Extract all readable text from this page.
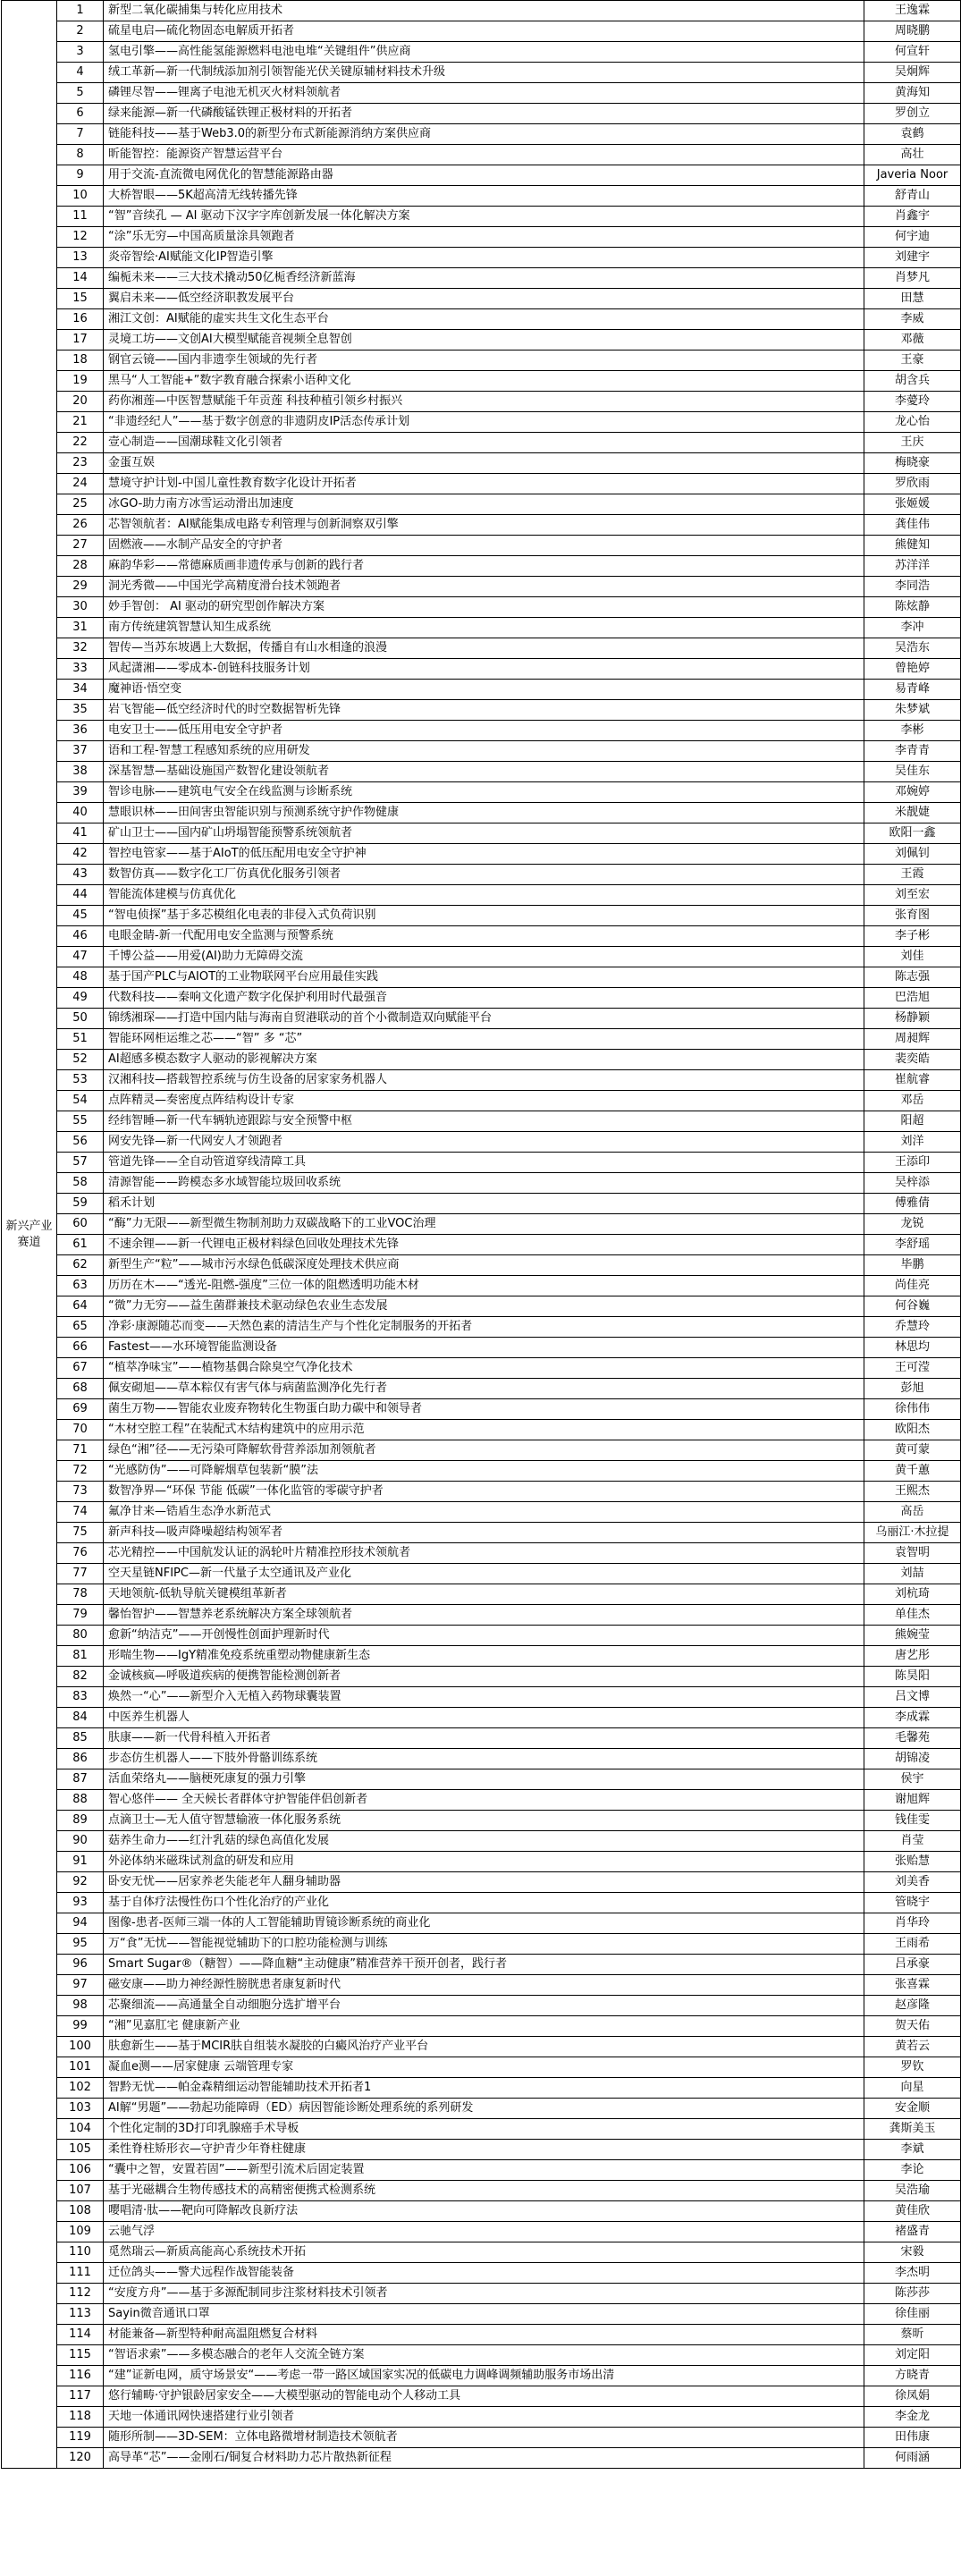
新兴产业赛道	1	新型二氧化碳捕集与转化应用技术	王逸霖
	2	硫星电启—硫化物固态电解质开拓者	周晓鹏
	3	氢电引擎——高性能氢能源燃料电池电堆“关键组件”供应商	何宣轩
	4	绒工革新—新一代制绒添加剂引领智能光伏关键原辅材料技术升级	吴炯辉
	5	磷锂尽智——锂离子电池无机灭火材料领航者	黄海知
	6	绿来能源—新一代磷酸锰铁锂正极材料的开拓者	罗创立
	7	链能科技——基于Web3.0的新型分布式新能源消纳方案供应商	袁鹤
	8	昕能智控：能源资产智慧运营平台	高壮
	9	用于交流-直流微电网优化的智慧能源路由器	Javeria Noor
	10	大桥智眼——5K超高清无线转播先锋	舒青山
	11	“智”音续孔 — AI 驱动下汉字字库创新发展一体化解决方案	肖鑫宇
	12	“涂”乐无穷—中国高质量涂具领跑者	何宇迪
	13	炎帝智绘·AI赋能文化IP智造引擎	刘建宇
	14	编栀未来——三大技术撬动50亿栀香经济新蓝海	肖梦凡
	15	翼启未来——低空经济职教发展平台	田慧
	16	湘江文创：AI赋能的虚实共生文化生态平台	李威
	17	灵境工坊——文创AI大模型赋能音视频全息智创	邓薇
	18	钢官云镜——国内非遗孪生领域的先行者	王豪
	19	黑马“人工智能+”数字教育融合探索小语种文化	胡含兵
	20	药你湘莲—中医智慧赋能千年贡莲 科技种植引领乡村振兴	李薆玲
	21	“非遗经纪人”——基于数字创意的非遗阴皮IP活态传承计划	龙心怡
	22	壹心制造——国潮球鞋文化引领者	王庆
	23	金蛋互娱	梅晓豪
	24	慧境守护计划-中国儿童性教育数字化设计开拓者	罗欣雨
	25	冰GO-助力南方冰雪运动滑出加速度	张姬媛
	26	芯智领航者：AI赋能集成电路专利管理与创新洞察双引擎	龚佳伟
	27	固燃液——水制产品安全的守护者	熊健知
	28	麻韵华彩——常德麻质画非遗传承与创新的践行者	苏洋洋
	29	洞光秀微——中国光学高精度滑台技术领跑者	李同浩
	30	妙手智创： AI 驱动的研究型创作解决方案	陈炫静
	31	南方传统建筑智慧认知生成系统	李冲
	32	智传—当苏东坡遇上大数据，传播自有山水相逢的浪漫	吴浩东
	33	风起潇湘——零成本-创链科技服务计划	曾艳婷
	34	魔神语·悟空变	易青峰
	35	岩飞智能—低空经济时代的时空数据智析先锋	朱梦斌
	36	电安卫士——低压用电安全守护者	李彬
	37	语和工程-智慧工程感知系统的应用研发	李青青
	38	深基智慧—基础设施国产数智化建设领航者	吴佳东
	39	智诊电脉——建筑电气安全在线监测与诊断系统	邓婉婷
	40	慧眼识林——田间害虫智能识别与预测系统守护作物健康	米靓婕
	41	矿山卫士——国内矿山坍塌智能预警系统领航者	欧阳一鑫
	42	智控电管家——基于AIoT的低压配用电安全守护神	刘佩钊
	43	数智仿真——数字化工厂仿真优化服务引领者	王霞
	44	智能流体建模与仿真优化	刘至宏
	45	“智电侦探”基于多芯模组化电表的非侵入式负荷识别	张育图
	46	电眼金睛-新一代配用电安全监测与预警系统	李子彬
	47	千博公益——用爱(AI)助力无障碍交流	刘佳
	48	基于国产PLC与AIOT的工业物联网平台应用最佳实践	陈志强
	49	代数科技——秦响文化遗产数字化保护利用时代最强音	巴浩旭
	50	锦绣湘琛——打造中国内陆与海南自贸港联动的首个小微制造双向赋能平台	杨静颖
	51	智能环网柜运维之芯——“智” 多 “芯”	周昶辉
	52	AI超感多模态数字人驱动的影视解决方案	裴奕皓
	53	汉湘科技—搭载智控系统与仿生设备的居家家务机器人	崔航睿
	54	点阵精灵—奏密度点阵结构设计专家	邓岳
	55	经纬智睡—新一代车辆轨迹跟踪与安全预警中枢	阳超
	56	网安先锋—新一代网安人才领跑者	刘洋
	57	管道先锋——全自动管道穿线清障工具	王添印
	58	清源智能——跨模态多水域智能垃圾回收系统	吴梓添
	59	稻禾计划	傅雅倩
	60	“酶”力无限——新型微生物制剂助力双碳战略下的工业VOC治理	龙锐
	61	不速余锂——新一代锂电正极材料绿色回收处理技术先锋	李舒瑶
	62	新型生产“粒”——城市污水绿色低碳深度处理技术供应商	毕鹏
	63	历历在木——“透光-阻燃-强度”三位一体的阻燃透明功能木材	尚佳亮
	64	“微”力无穷——益生菌群兼技术驱动绿色农业生态发展	何谷巍
	65	净彩·康源随芯而变——天然色素的清洁生产与个性化定制服务的开拓者	乔慧玲
	66	Fastest——水环境智能监测设备	林思均
	67	“植萃净味宝”——植物基偶合除臭空气净化技术	王可滢
	68	佩安砌旭——草本粽仅有害气体与病菌监测净化先行者	彭旭
	69	菌生万物——智能农业废弃物转化生物蛋白助力碳中和领导者	徐伟伟
	70	“木材空腔工程”在装配式木结构建筑中的应用示范	欧阳杰
	71	绿色“湘”径——无污染可降解软骨营养添加剂领航者	黄可蒙
	72	“光感防伪”——可降解烟草包装新“膜”法	黄千蕙
	73	数智净界—“环保 节能 低碳”一体化监管的零碳守护者	王熙杰
	74	氟净甘来—锆盾生态净水新范式	高岳
	75	新声科技—吸声降噪超结构领军者	乌丽江·木拉提
	76	芯光精控——中国航发认证的涡轮叶片精准控形技术领航者	袁智明
	77	空天星链NFIPC—新一代量子太空通讯及产业化	刘喆
	78	天地领航-低轨导航关键模组革新者	刘杭琦
	79	馨怡智护——智慧养老系统解决方案全球领航者	单佳杰
	80	愈新“纳洁克”——开创慢性创面护理新时代	熊婉莹
	81	形喘生物——IgY精准免疫系统重塑动物健康新生态	唐艺彤
	82	金诚核疯—呼吸道疾病的便携智能检测创新者	陈昊阳
	83	焕然一“心”——新型介入无植入药物球囊装置	吕文博
	84	中医养生机器人	李成霖
	85	肤康——新一代骨科植入开拓者	毛馨苑
	86	步态仿生机器人——下肢外骨骼训练系统	胡锦凌
	87	活血荣络丸——脑梗死康复的强力引擎	侯宇
	88	智心悠伴—— 全天候长者群体守护智能伴侣创新者	谢旭辉
	89	点滴卫士—无人值守智慧输液一体化服务系统	钱佳雯
	90	菇养生命力——红汁乳菇的绿色高值化发展	肖莹
	91	外泌体纳米磁珠试剂盒的研发和应用	张贻慧
	92	卧安无忧——居家养老失能老年人翻身辅助器	刘美香
	93	基于自体疗法慢性伤口个性化治疗的产业化	管晓宇
	94	图像-患者-医师三端一体的人工智能辅助胃镜诊断系统的商业化	肖华玲
	95	万“食”无忧——智能视觉辅助下的口腔功能检测与训练	王雨希
	96	Smart Sugar®（糖智）——降血糖“主动健康”精准营养干预开创者，践行者	吕承豪
	97	磁安康——助力神经源性膀胱患者康复新时代	张喜霖
	98	芯聚细流——高通量全自动细胞分选扩增平台	赵彦隆
	99	“湘”见嘉肛宅 健康新产业	贺天佑
	100	肤愈新生——基于MCIR肤自组装水凝胶的白癜风治疗产业平台	黄若云
	101	凝血e测——居家健康 云端管理专家	罗钦
	102	智黔无忧——帕金森精细运动智能辅助技术开拓者1	向星
	103	AI解“男题”——勃起功能障碍（ED）病因智能诊断处理系统的系列研发	安金顺
	104	个性化定制的3D打印乳腺癌手术导板	龚斯美玉
	105	柔性脊柱矫形衣—守护青少年脊柱健康	李斌
	106	“囊中之智，安置若固”——新型引流术后固定装置	李论
	107	基于光磁耦合生物传感技术的高精密便携式检测系统	吴浩瑜
	108	嘤唱清·肽——靶向可降解改良新疗法	黄佳欣
	109	云驰气浮	褚盛青
	110	觅然瑞云—新质高能高心系统技术开拓	宋毅
	111	迁位鸽头——警犬远程作战智能装备	李杰明
	112	“安度方舟”——基于多源配制同步注浆材料技术引领者	陈莎莎
	113	Sayin微音通讯口罩	徐佳丽
	114	材能兼备—新型特种耐高温阻燃复合材料	蔡昕
	115	“智语求索”——多模态融合的老年人交流全链方案	刘定阳
	116	“建”证新电网，质守场景安“——考虑一带一路区域国家实况的低碳电力调峰调频辅助服务市场出清	方晓青
	117	悠行辅畴·守护银龄居家安全——大模型驱动的智能电动个人移动工具	徐凤娟
	118	天地一体通讯网快速搭建行业引领者	李金龙
	119	随形所制——3D-SEM：立体电路微增材制造技术领航者	田伟康
	120	高导革“芯”——金刚石/铜复合材料助力芯片散热新征程	何雨涵
